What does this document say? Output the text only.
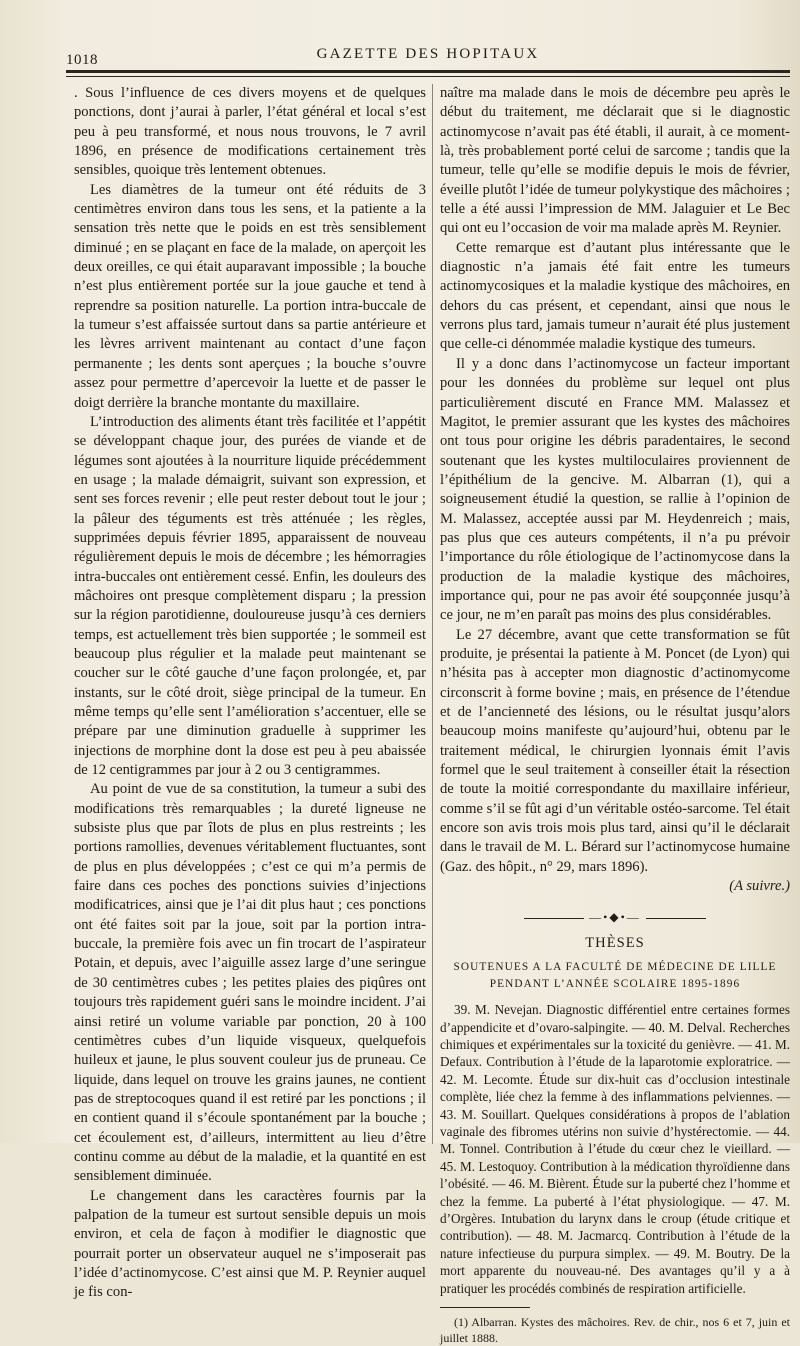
1018	GAZETTE DES HOPITAUX

. Sous l’influence de ces divers moyens et de quelques ponctions, dont j’aurai à parler, l’état général et local s’est peu à peu transformé, et nous nous trouvons, le 7 avril 1896, en présence de modifications certainement très sensibles, quoique très lentement obtenues.

Les diamètres de la tumeur ont été réduits de 3 centimètres environ dans tous les sens, et la patiente a la sensation très nette que le poids en est très sensiblement diminué ; en se plaçant en face de la malade, on aperçoit les deux oreilles, ce qui était auparavant impossible ; la bouche n’est plus entièrement portée sur la joue gauche et tend à reprendre sa position naturelle. La portion intra-buccale de la tumeur s’est affaissée surtout dans sa partie antérieure et les lèvres arrivent maintenant au contact d’une façon permanente ; les dents sont aperçues ; la bouche s’ouvre assez pour permettre d’apercevoir la luette et de passer le doigt derrière la branche montante du maxillaire.

L’introduction des aliments étant très facilitée et l’appétit se développant chaque jour, des purées de viande et de légumes sont ajoutées à la nourriture liquide précédemment en usage ; la malade démaigrit, suivant son expression, et sent ses forces revenir ; elle peut rester debout tout le jour ; la pâleur des téguments est très atténuée ; les règles, supprimées depuis février 1895, apparaissent de nouveau régulièrement depuis le mois de décembre ; les hémorragies intra-buccales ont entièrement cessé. Enfin, les douleurs des mâchoires ont presque complètement disparu ; la pression sur la région parotidienne, douloureuse jusqu’à ces derniers temps, est actuellement très bien supportée ; le sommeil est beaucoup plus régulier et la malade peut maintenant se coucher sur le côté gauche d’une façon prolongée, et, par instants, sur le côté droit, siège principal de la tumeur. En même temps qu’elle sent l’amélioration s’accentuer, elle se prépare par une diminution graduelle à supprimer les injections de morphine dont la dose est peu à peu abaissée de 12 centigrammes par jour à 2 ou 3 centigrammes.

Au point de vue de sa constitution, la tumeur a subi des modifications très remarquables ; la dureté ligneuse ne subsiste plus que par îlots de plus en plus restreints ; les portions ramollies, devenues véritablement fluctuantes, sont de plus en plus développées ; c’est ce qui m’a permis de faire dans ces poches des ponctions suivies d’injections modificatrices, ainsi que je l’ai dit plus haut ; ces ponctions ont été faites soit par la joue, soit par la portion intra-buccale, la première fois avec un fin trocart de l’aspirateur Potain, et depuis, avec l’aiguille assez large d’une seringue de 30 centimètres cubes ; les petites plaies des piqûres ont toujours très rapidement guéri sans le moindre incident. J’ai ainsi retiré un volume variable par ponction, 20 à 100 centimètres cubes d’un liquide visqueux, quelquefois huileux et jaune, le plus souvent couleur jus de pruneau. Ce liquide, dans lequel on trouve les grains jaunes, ne contient pas de streptocoques quand il est retiré par les ponctions ; il en contient quand il s’écoule spontanément par la bouche ; cet écoulement est, d’ailleurs, intermittent au lieu d’être continu comme au début de la maladie, et la quantité en est sensiblement diminuée.

Le changement dans les caractères fournis par la palpation de la tumeur est surtout sensible depuis un mois environ, et cela de façon à modifier le diagnostic que pourrait porter un observateur auquel ne s’imposerait pas l’idée d’actinomycose. C’est ainsi que M. P. Reynier auquel je fis con-

naître ma malade dans le mois de décembre peu après le début du traitement, me déclarait que si le diagnostic actinomycose n’avait pas été établi, il aurait, à ce moment-là, très probablement porté celui de sarcome ; tandis que la tumeur, telle qu’elle se modifie depuis le mois de février, éveille plutôt l’idée de tumeur polykystique des mâchoires ; telle a été aussi l’impression de MM. Jalaguier et Le Bec qui ont eu l’occasion de voir ma malade après M. Reynier.

Cette remarque est d’autant plus intéressante que le diagnostic n’a jamais été fait entre les tumeurs actinomycosiques et la maladie kystique des mâchoires, en dehors du cas présent, et cependant, ainsi que nous le verrons plus tard, jamais tumeur n’aurait été plus justement que celle-ci dénommée maladie kystique des tumeurs.

Il y a donc dans l’actinomycose un facteur important pour les données du problème sur lequel ont plus particulièrement discuté en France MM. Malassez et Magitot, le premier assurant que les kystes des mâchoires ont tous pour origine les débris paradentaires, le second soutenant que les kystes multiloculaires proviennent de l’épithélium de la gencive. M. Albarran (1), qui a soigneusement étudié la question, se rallie à l’opinion de M. Malassez, acceptée aussi par M. Heydenreich ; mais, pas plus que ces auteurs compétents, il n’a pu prévoir l’importance du rôle étiologique de l’actinomycose dans la production de la maladie kystique des mâchoires, importance qui, pour ne pas avoir été soupçonnée jusqu’à ce jour, ne m’en paraît pas moins des plus considérables.

Le 27 décembre, avant que cette transformation se fût produite, je présentai la patiente à M. Poncet (de Lyon) qui n’hésita pas à accepter mon diagnostic d’actinomycome circonscrit à forme bovine ; mais, en présence de l’étendue et de l’ancienneté des lésions, ou le résultat jusqu’alors beaucoup moins manifeste qu’aujourd’hui, obtenu par le traitement médical, le chirurgien lyonnais émit l’avis formel que le seul traitement à conseiller était la résection de toute la moitié correspondante du maxillaire inférieur, comme s’il se fût agi d’un véritable ostéo-sarcome. Tel était encore son avis trois mois plus tard, ainsi qu’il le déclarait dans le travail de M. L. Bérard sur l’actinomycose humaine (Gaz. des hôpit., n° 29, mars 1896).

(A suivre.)

—•◆•—
THÈSES
SOUTENUES A LA FACULTÉ DE MÉDECINE DE LILLE
PENDANT L’ANNÉE SCOLAIRE 1895-1896

39. M. Nevejan. Diagnostic différentiel entre certaines formes d’appendicite et d’ovaro-salpingite. — 40. M. Delval. Recherches chimiques et expérimentales sur la toxicité du genièvre. — 41. M. Defaux. Contribution à l’étude de la laparotomie exploratrice. — 42. M. Lecomte. Étude sur dix-huit cas d’occlusion intestinale complète, liée chez la femme à des inflammations pelviennes. — 43. M. Souillart. Quelques considérations à propos de l’ablation vaginale des fibromes utérins non suivie d’hystérectomie. — 44. M. Tonnel. Contribution à l’étude du cœur chez le vieillard. — 45. M. Lestoquoy. Contribution à la médication thyroïdienne dans l’obésité. — 46. M. Bièrent. Étude sur la puberté chez l’homme et chez la femme. La puberté à l’état physiologique. — 47. M. d’Orgères. Intubation du larynx dans le croup (étude critique et contribution). — 48. M. Jacmarcq. Contribution à l’étude de la nature infectieuse du purpura simplex. — 49. M. Boutry. De la mort apparente du nouveau-né. Des avantages qu’il y a à pratiquer les procédés combinés de respiration artificielle.

(1) Albarran. Kystes des mâchoires. Rev. de chir., nos 6 et 7, juin et juillet 1888.
